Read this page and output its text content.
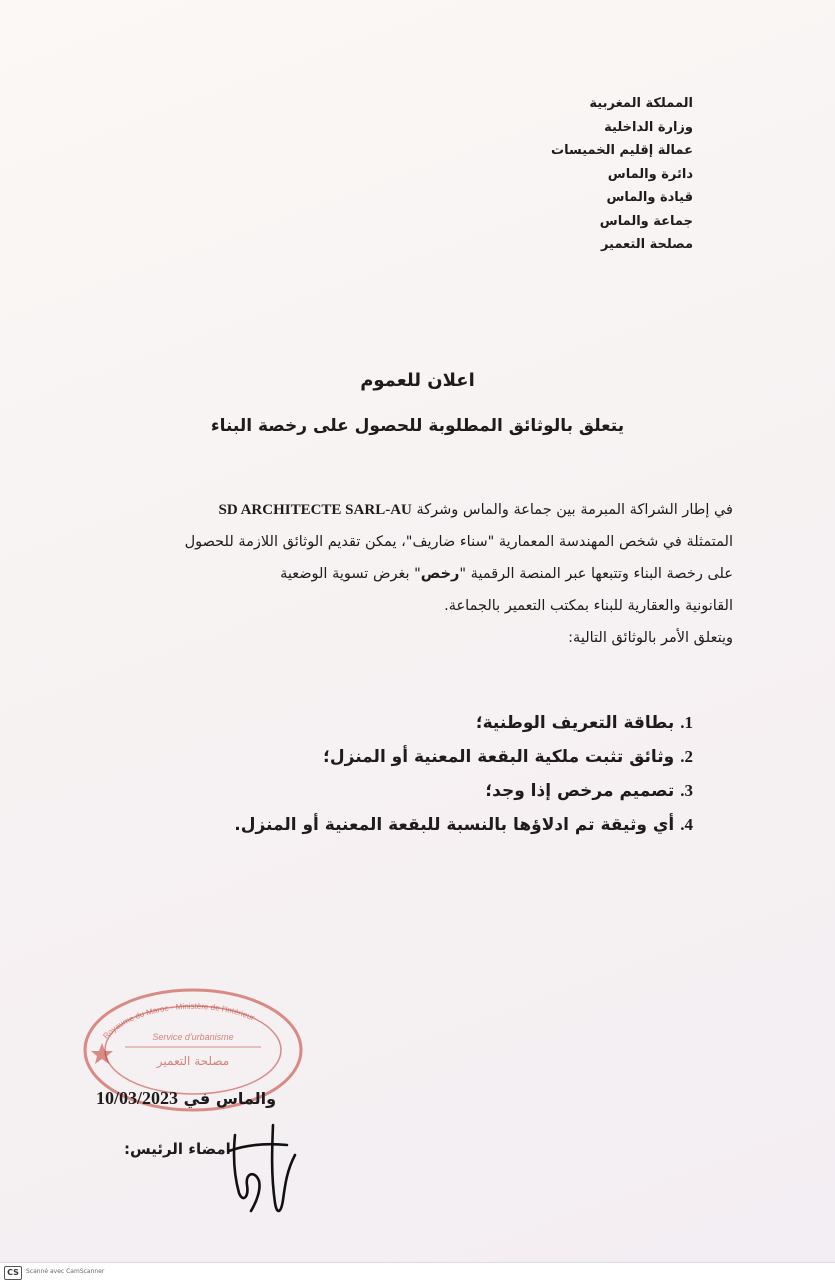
المملكة المغربية
وزارة الداخلية
عمالة إقليم الخميسات
دائرة والماس
قيادة والماس
جماعة والماس
مصلحة التعمير
اعلان للعموم
يتعلق بالوثائق المطلوبة للحصول على رخصة البناء

في إطار الشراكة المبرمة بين جماعة والماس وشركة SD ARCHITECTE SARL-AU

المتمثلة في شخص المهندسة المعمارية "سناء ضاريف"، يمكن تقديم الوثائق اللازمة للحصول

على رخصة البناء وتتبعها عبر المنصة الرقمية "رخص" بغرض تسوية الوضعية

القانونية والعقارية للبناء بمكتب التعمير بالجماعة.

ويتعلق الأمر بالوثائق التالية:

1.بطاقة التعريف الوطنية؛
2.وثائق تثبت ملكية البقعة المعنية أو المنزل؛
3.تصميم مرخص إذا وجد؛
4.أي وثيقة تم ادلاؤها بالنسبة للبقعة المعنية أو المنزل.
Royaume du Maroc - Ministère de l'Intérieur
Service d'urbanisme
مصلحة التعمير
والماس في 10/03/2023
امضاء الرئيس:
CS	Scanné avec CamScanner
